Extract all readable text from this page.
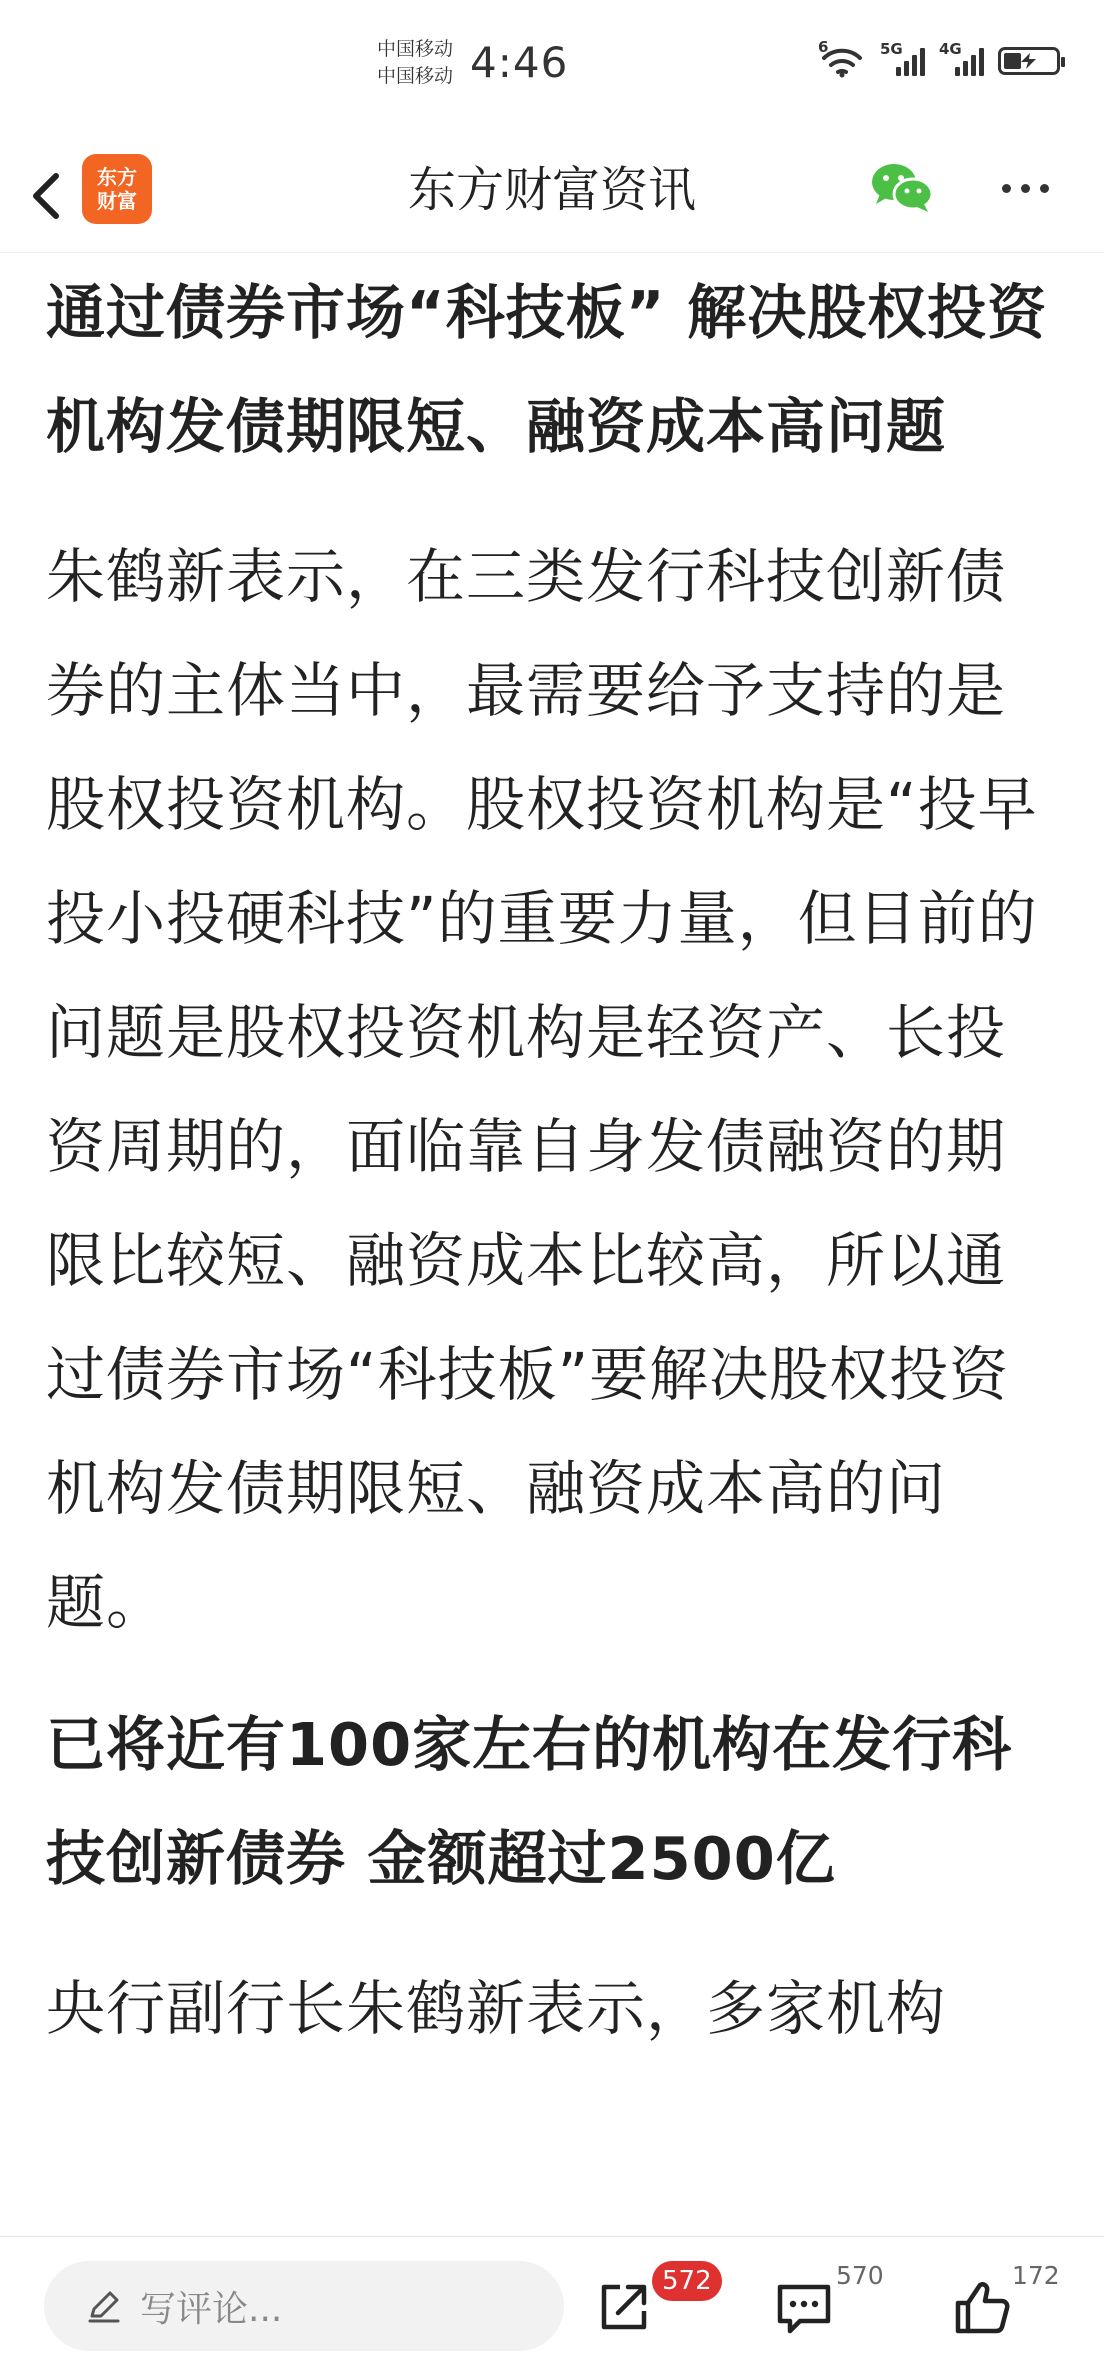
中国移动
中国移动 4:46	6	5G 4G
东方
财富	东方财富资讯

通过债券市场“科技板” 解决股权投资机构发债期限短、融资成本高问题

朱鹤新表示，在三类发行科技创新债券的主体当中，最需要给予支持的是股权投资机构。股权投资机构是“投早投小投硬科技”的重要力量，但目前的问题是股权投资机构是轻资产、长投资周期的，面临靠自身发债融资的期限比较短、融资成本比较高，所以通过债券市场“科技板”要解决股权投资机构发债期限短、融资成本高的问题。

已将近有100家左右的机构在发行科技创新债券 金额超过2500亿

央行副行长朱鹤新表示，多家机构

写评论...
572	570	172
